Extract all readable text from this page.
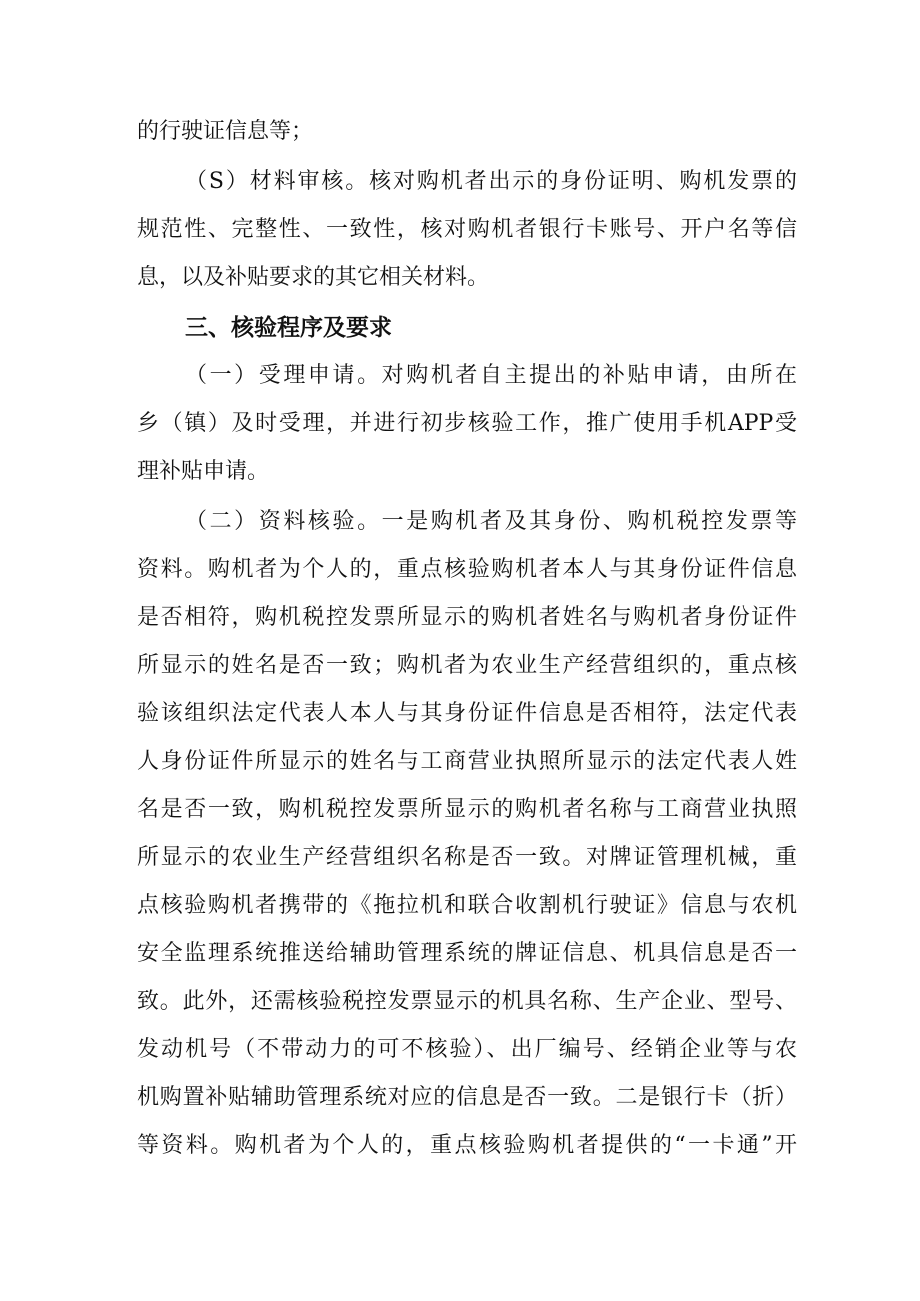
的行驶证信息等；
（S）材料审核。核对购机者出示的身份证明、购机发票的
规范性、完整性、一致性，核对购机者银行卡账号、开户名等信
息，以及补贴要求的其它相关材料。
三、核验程序及要求
（一）受理申请。对购机者自主提出的补贴申请，由所在
乡（镇）及时受理，并进行初步核验工作，推广使用手机APP受
理补贴申请。
（二）资料核验。一是购机者及其身份、购机税控发票等
资料。购机者为个人的，重点核验购机者本人与其身份证件信息
是否相符，购机税控发票所显示的购机者姓名与购机者身份证件
所显示的姓名是否一致；购机者为农业生产经营组织的，重点核
验该组织法定代表人本人与其身份证件信息是否相符，法定代表
人身份证件所显示的姓名与工商营业执照所显示的法定代表人姓
名是否一致，购机税控发票所显示的购机者名称与工商营业执照
所显示的农业生产经营组织名称是否一致。对牌证管理机械，重
点核验购机者携带的《拖拉机和联合收割机行驶证》信息与农机
安全监理系统推送给辅助管理系统的牌证信息、机具信息是否一
致。此外，还需核验税控发票显示的机具名称、生产企业、型号、
发动机号（不带动力的可不核验）、出厂编号、经销企业等与农
机购置补贴辅助管理系统对应的信息是否一致。二是银行卡（折）
等资料。购机者为个人的，重点核验购机者提供的“一卡通”开
